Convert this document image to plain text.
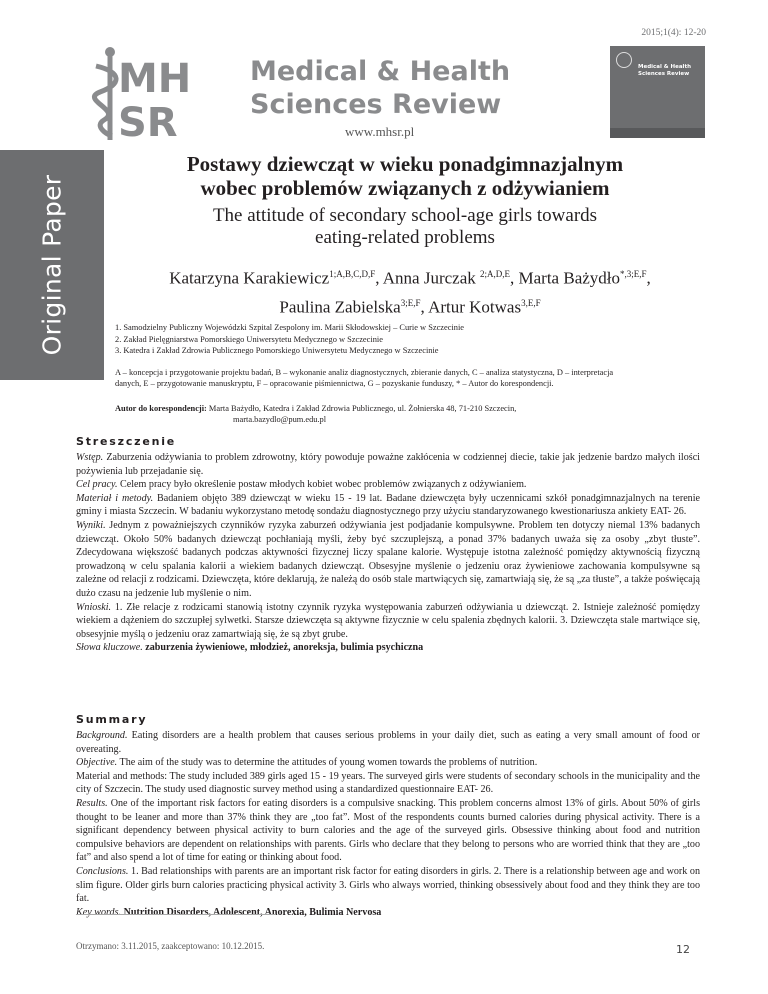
2015;1(4): 12-20
MH
SR
Medical & Health
Sciences Review
www.mhsr.pl
Medical & Health
Sciences Review
Original Paper
Postawy dziewcząt w wieku ponadgimnazjalnym
wobec problemów związanych z odżywianiem
The attitude of secondary school-age girls towards
eating-related problems
Katarzyna Karakiewicz$^{1;A,B,C,D,F}$, Anna Jurczak $^{2;A,D,E}$, Marta Bażydło$^{*,3;E,F}$,
Paulina Zabielska$^{3;E,F}$, Artur Kotwas$^{3,E,F}$
1. Samodzielny Publiczny Wojewódzki Szpital Zespolony im. Marii Skłodowskiej – Curie w Szczecinie
2. Zakład Pielęgniarstwa Pomorskiego Uniwersytetu Medycznego w Szczecinie
3. Katedra i Zakład Zdrowia Publicznego Pomorskiego Uniwersytetu Medycznego w Szczecinie
A – koncepcja i przygotowanie projektu badań, B – wykonanie analiz diagnostycznych, zbieranie danych, C – analiza statystyczna, D – interpretacja
danych, E – przygotowanie manuskryptu, F – opracowanie piśmiennictwa, G – pozyskanie funduszy, * – Autor do korespondencji.
Autor do korespondencji: Marta Bażydło, Katedra i Zakład Zdrowia Publicznego, ul. Żołnierska 48, 71-210 Szczecin,
marta.bazydlo@pum.edu.pl
Streszczenie

Wstęp. Zaburzenia odżywiania to problem zdrowotny, który powoduje poważne zakłócenia w codziennej diecie, takie jak jedzenie bardzo małych ilości pożywienia lub przejadanie się.

Cel pracy. Celem pracy było określenie postaw młodych kobiet wobec problemów związanych z odżywianiem.

Materiał i metody. Badaniem objęto 389 dziewcząt w wieku 15 - 19 lat. Badane dziewczęta były uczennicami szkół ponadgimnazjalnych na terenie gminy i miasta Szczecin. W badaniu wykorzystano metodę sondażu diagnostycznego przy użyciu standaryzowanego kwestionariusza ankiety EAT- 26.

Wyniki. Jednym z poważniejszych czynników ryzyka zaburzeń odżywiania jest podjadanie kompulsywne. Problem ten dotyczy niemal 13% badanych dziewcząt. Około 50% badanych dziewcząt pochłaniają myśli, żeby być szczuplejszą, a ponad 37% badanych uważa się za osoby „zbyt tłuste”. Zdecydowana większość badanych podczas aktywności fizycznej liczy spalane kalorie. Występuje istotna zależność pomiędzy aktywnością fizyczną prowadzoną w celu spalania kalorii a wiekiem badanych dziewcząt. Obsesyjne myślenie o jedzeniu oraz żywieniowe zachowania kompulsywne są zależne od relacji z rodzicami. Dziewczęta, które deklarują, że należą do osób stale martwiących się, zamartwiają się, że są „za tłuste”, a także poświęcają dużo czasu na jedzenie lub myślenie o nim.

Wnioski. 1. Złe relacje z rodzicami stanowią istotny czynnik ryzyka występowania zaburzeń odżywiania u dziewcząt. 2. Istnieje zależność pomiędzy wiekiem a dążeniem do szczupłej sylwetki. Starsze dziewczęta są aktywne fizycznie w celu spalenia zbędnych kalorii. 3. Dziewczęta stale martwiące się, obsesyjnie myślą o jedzeniu oraz zamartwiają się, że są zbyt grube.

Słowa kluczowe. zaburzenia żywieniowe, młodzież, anoreksja, bulimia psychiczna

Summary

Background. Eating disorders are a health problem that causes serious problems in your daily diet, such as eating a very small amount of food or overeating.

Objective. The aim of the study was to determine the attitudes of young women towards the problems of nutrition.

Material and methods: The study included 389 girls aged 15 - 19 years. The surveyed girls were students of secondary schools in the municipality and the city of Szczecin. The study used diagnostic survey method using a standardized questionnaire EAT- 26.

Results. One of the important risk factors for eating disorders is a compulsive snacking. This problem concerns almost 13% of girls. About 50% of girls thought to be leaner and more than 37% think they are „too fat”. Most of the respondents counts burned calories during physical activity. There is a significant dependency between physical activity to burn calories and the age of the surveyed girls. Obsessive thinking about food and nutrition compulsive behaviors are dependent on relationships with parents. Girls who declare that they belong to persons who are worried think that they are „too fat” and also spend a lot of time for eating or thinking about food.

Conclusions. 1. Bad relationships with parents are an important risk factor for eating disorders in girls. 2. There is a relationship between age and work on slim figure. Older girls burn calories practicing physical activity 3. Girls who always worried, thinking obsessively about food and they think they are too fat.

Key words. Nutrition Disorders, Adolescent, Anorexia, Bulimia Nervosa

Otrzymano: 3.11.2015, zaakceptowano: 10.12.2015.	12
